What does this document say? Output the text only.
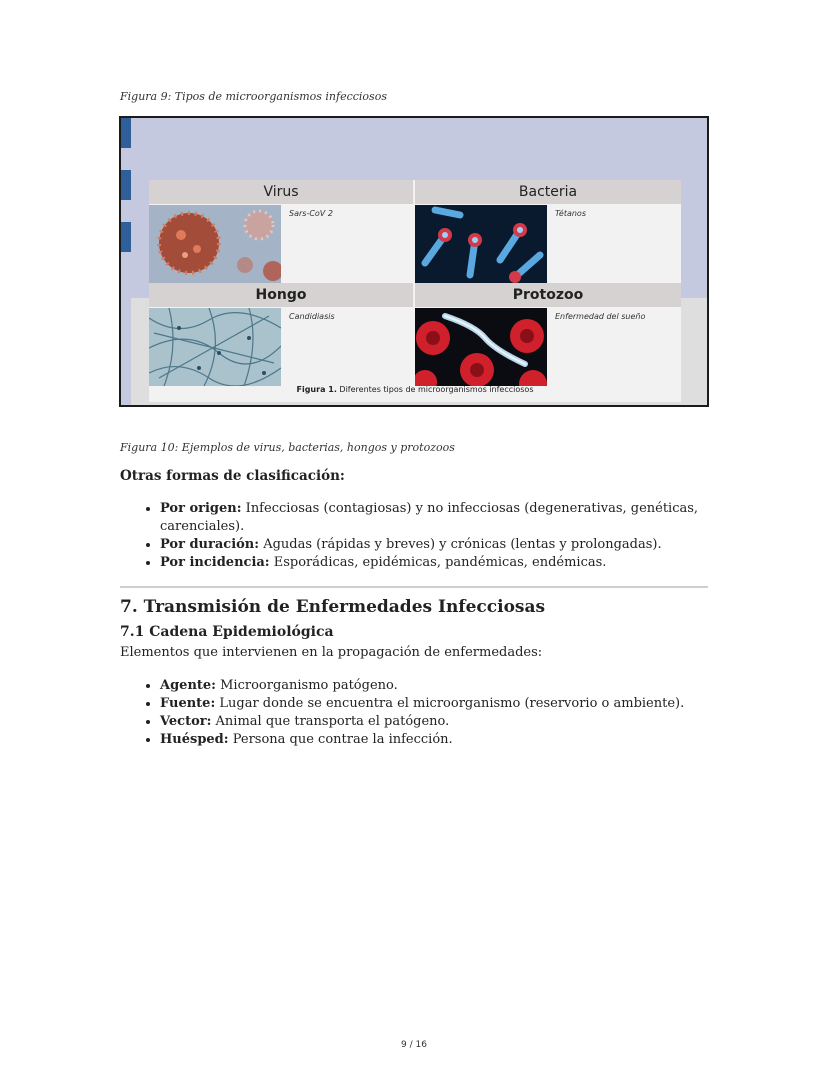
Figura 9: Tipos de microorganismos infecciosos
Virus
Sars-CoV 2
Bacteria
Tétanos
Hongo
Candidiasis
Protozoo
Enfermedad del sueño
Figura 1. Diferentes tipos de microorganismos infecciosos
Figura 10: Ejemplos de virus, bacterias, hongos y protozoos
Otras formas de clasificación:
• Por origen: Infecciosas (contagiosas) y no infecciosas (degenerativas, genéticas, carenciales).
• Por duración: Agudas (rápidas y breves) y crónicas (lentas y prolongadas).
• Por incidencia: Esporádicas, epidémicas, pandémicas, endémicas.
7. Transmisión de Enfermedades Infecciosas
7.1 Cadena Epidemiológica
Elementos que intervienen en la propagación de enfermedades:
• Agente: Microorganismo patógeno.
• Fuente: Lugar donde se encuentra el microorganismo (reservorio o ambiente).
• Vector: Animal que transporta el patógeno.
• Huésped: Persona que contrae la infección.
9 / 16
